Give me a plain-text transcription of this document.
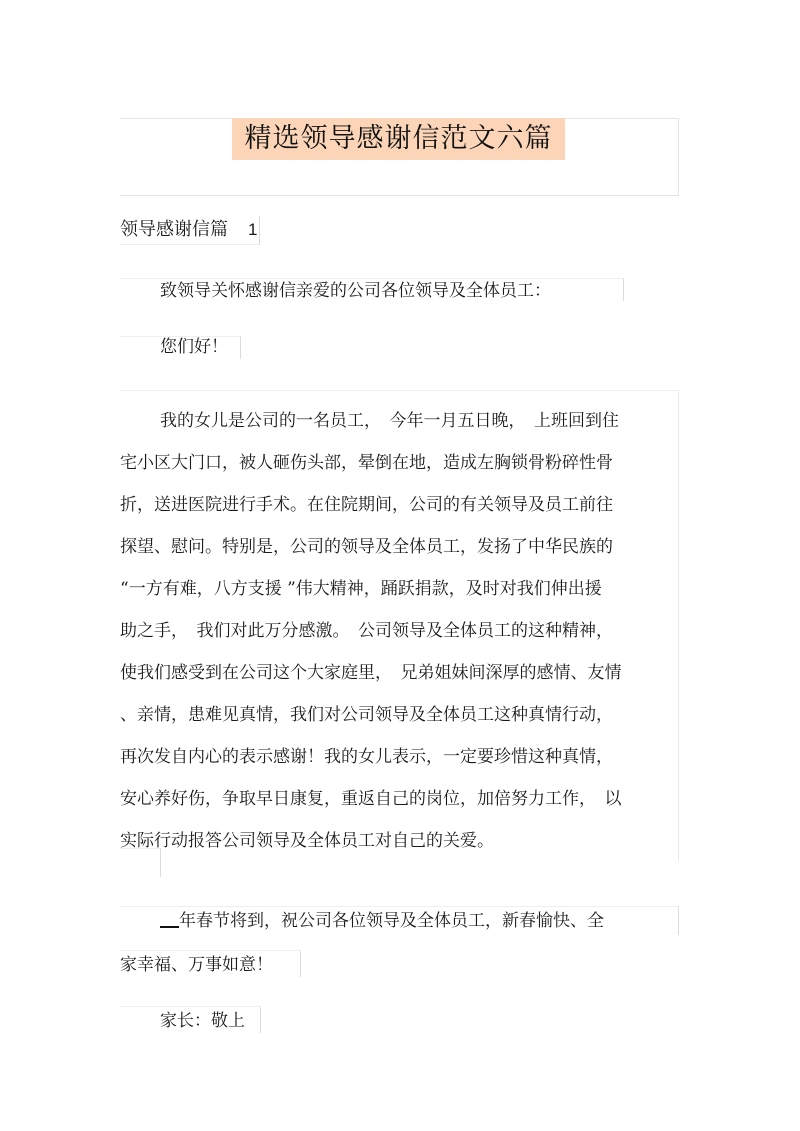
精选领导感谢信范文六篇
领导感谢信篇 1
致领导关怀感谢信亲爱的公司各位领导及全体员工：
您们好！
我的女儿是公司的一名员工，　今年一月五日晚，　上班回到住
宅小区大门口，被人砸伤头部，晕倒在地，造成左胸锁骨粉碎性骨
折，送进医院进行手术。在住院期间，公司的有关领导及员工前往
探望、慰问。特别是，公司的领导及全体员工，发扬了中华民族的
“一方有难，八方支援 ”伟大精神，踊跃捐款，及时对我们伸出援
助之手，　我们对此万分感激。　公司领导及全体员工的这种精神，
使我们感受到在公司这个大家庭里，　兄弟姐妹间深厚的感情、友情
、亲情，患难见真情，我们对公司领导及全体员工这种真情行动，
再次发自内心的表示感谢！我的女儿表示，一定要珍惜这种真情，
安心养好伤，争取早日康复，重返自己的岗位，加倍努力工作，　以
实际行动报答公司领导及全体员工对自己的关爱。
年春节将到，祝公司各位领导及全体员工，新春愉快、全
家幸福、万事如意！
家长：敬上
